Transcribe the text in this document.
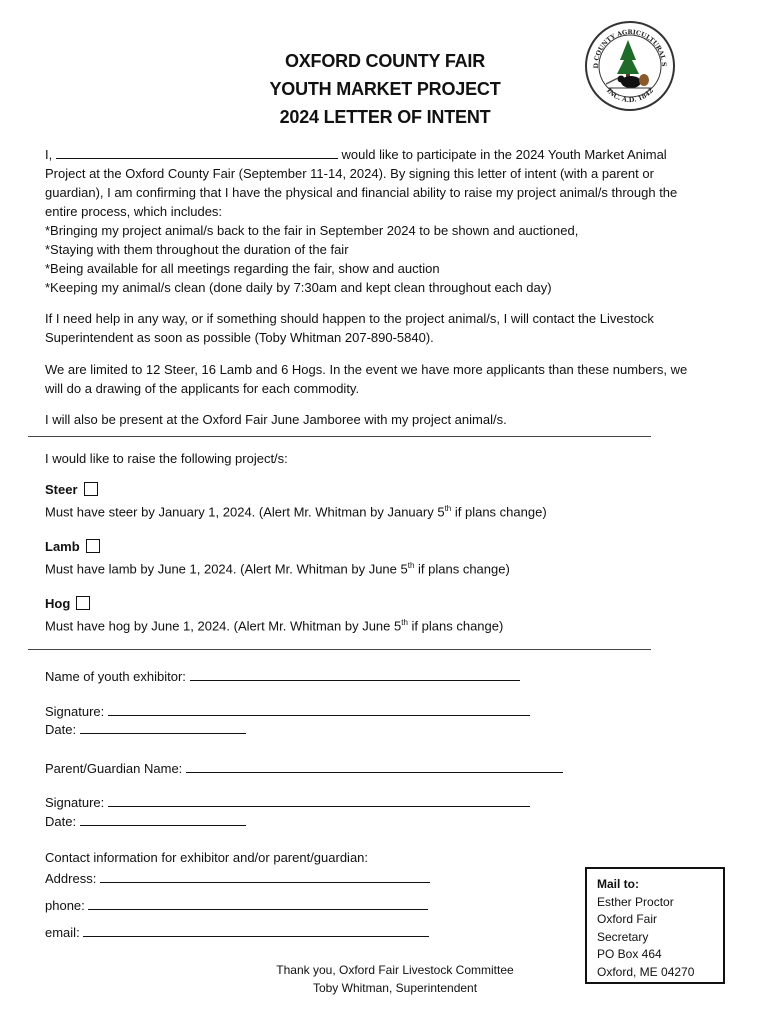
OXFORD COUNTY FAIR
YOUTH MARKET PROJECT
2024 LETTER OF INTENT
D COUNTY AGRICULTURAL S
INC. A.D. 1842
I,	would like to participate in the 2024 Youth Market Animal
Project at the Oxford County Fair (September 11-14, 2024). By signing this letter of intent (with a parent or
guardian), I am confirming that I have the physical and financial ability to raise my project animal/s through the
entire process, which includes:
*Bringing my project animal/s back to the fair in September 2024 to be shown and auctioned,
*Staying with them throughout the duration of the fair
*Being available for all meetings regarding the fair, show and auction
*Keeping my animal/s clean (done daily by 7:30am and kept clean throughout each day)
If I need help in any way, or if something should happen to the project animal/s, I will contact the Livestock
Superintendent as soon as possible (Toby Whitman 207-890-5840).
We are limited to 12 Steer, 16 Lamb and 6 Hogs. In the event we have more applicants than these numbers, we
will do a drawing of the applicants for each commodity.
I will also be present at the Oxford Fair June Jamboree with my project animal/s.
I would like to raise the following project/s:
Steer
Must have steer by January 1, 2024. (Alert Mr. Whitman by January 5th if plans change)
Lamb
Must have lamb by June 1, 2024. (Alert Mr. Whitman by June 5th if plans change)
Hog
Must have hog by June 1, 2024. (Alert Mr. Whitman by June 5th if plans change)
Name of youth exhibitor:
Signature:
Date:
Parent/Guardian Name:
Signature:
Date:
Contact information for exhibitor and/or parent/guardian:
Address:
phone:
email:
Mail to:
Esther Proctor
Oxford Fair
Secretary
PO Box 464
Oxford, ME 04270
Thank you, Oxford Fair Livestock Committee
Toby Whitman, Superintendent
